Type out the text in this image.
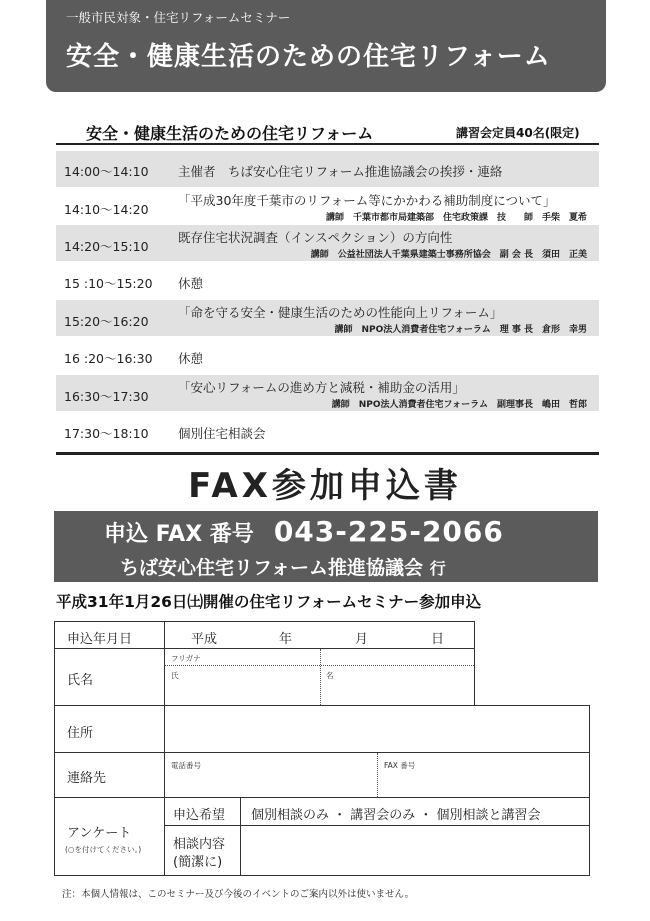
一般市民対象・住宅リフォームセミナー
安全・健康生活のための住宅リフォーム
安全・健康生活のための住宅リフォーム	講習会定員40名(限定)
14:00〜14:10 主催者　ちば安心住宅リフォーム推進協議会の挨拶・連絡
14:10〜14:20
「平成30年度千葉市のリフォーム等にかかわる補助制度について」
講師　千葉市都市局建築部　住宅政策課　技　　師　手柴　夏希
14:20〜15:10
既存住宅状況調査（インスペクション）の方向性
講師　公益社団法人千葉県建築士事務所協会　副 会 長　須田　正美
15 :10〜15:20 休憩
15:20〜16:20
「命を守る安全・健康生活のための性能向上リフォーム」
講師　NPO法人消費者住宅フォーラム　理 事 長　倉形　幸男
16 :20〜16:30 休憩
16:30〜17:30
「安心リフォームの進め方と減税・補助金の活用」
講師　NPO法人消費者住宅フォーラム　副理事長　嶋田　哲郎
17:30〜18:10 個別住宅相談会
FAX参加申込書
申込 FAX 番号 043-225-2066
ちば安心住宅リフォーム推進協議会 行
平成31年1月26日㈯開催の住宅リフォームセミナー参加申込
申込年月日	平成	年	月	日
氏名
フリガナ
氏	名
住所
連絡先
電話番号	FAX 番号
アンケート
(○を付けてください。)
申込希望 個別相談のみ ・ 講習会のみ ・ 個別相談と講習会
相談内容
(簡潔に)
注：本個人情報は、このセミナー及び今後のイベントのご案内以外は使いません。
